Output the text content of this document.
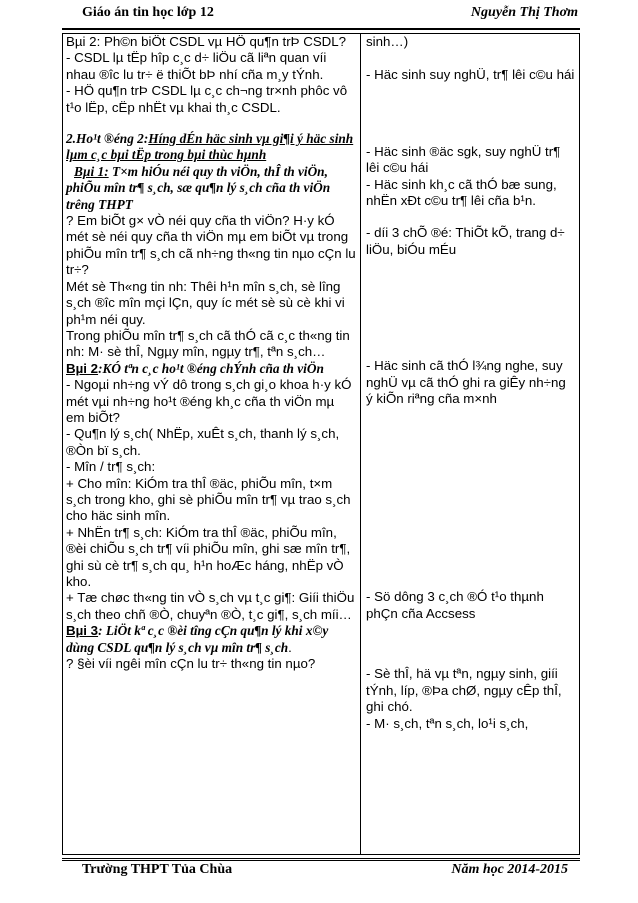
Giáo án tin học lớp 12	Nguyễn Thị Thơm

Bµi 2: Ph©n biÖt CSDL vµ HÖ qu¶n trÞ CSDL?

- CSDL lµ tËp hîp c¸c d÷ liÖu cã liªn quan víi nhau ®îc lu tr÷ ë thiÕt bÞ nhí cña m¸y tÝnh.

- HÖ qu¶n trÞ CSDL lµ c¸c ch¬ng tr×nh phôc vô t¹o lËp, cËp nhËt vµ khai th¸c CSDL.

2.Ho¹t ®éng 2:Híng dÉn häc sinh vµ gi¶i ý häc sinh lµm c¸c bµi tËp trong bµi thùc hµnh

Bµi 1: T×m hiÓu néi quy th viÖn, thÎ th viÖn, phiÕu mîn tr¶ s¸ch, sæ qu¶n lý s¸ch cña th viÖn trêng THPT

? Em biÕt g× vÒ néi quy cña th viÖn? H·y kÓ mét sè néi quy cña th viÖn mµ em biÕt vµ trong phiÕu mîn tr¶ s¸ch cã nh÷ng th«ng tin nµo cÇn lu tr÷?

Mét sè Th«ng tin nh: Thêi h¹n mîn s¸ch, sè lîng s¸ch ®îc mîn mçi lÇn, quy íc mét sè sù cè khi vi ph¹m néi quy.

Trong phiÕu mîn tr¶ s¸ch cã thÓ cã c¸c th«ng tin nh: M· sè thÎ, Ngµy mîn, ngµy tr¶, tªn s¸ch…

Bµi 2:KÓ tªn c¸c ho¹t ®éng chÝnh cña th viÖn

- Ngoµi nh÷ng vÝ dô trong s¸ch gi¸o khoa h·y kÓ mét vµi nh÷ng ho¹t ®éng kh¸c cña th viÖn mµ em biÕt?

- Qu¶n lý s¸ch( NhËp, xuÊt s¸ch, thanh lý s¸ch, ®Òn bï s¸ch.

- Mîn / tr¶ s¸ch:

+ Cho mîn: KiÓm tra thÎ ®äc, phiÕu mîn, t×m s¸ch trong kho, ghi sè phiÕu mîn tr¶ vµ trao s¸ch cho häc sinh mîn.

+ NhËn tr¶ s¸ch: KiÓm tra thÎ ®äc, phiÕu mîn, ®èi chiÕu s¸ch tr¶ víi phiÕu mîn, ghi sæ mîn tr¶, ghi sù cè tr¶ s¸ch qu¸ h¹n hoÆc háng, nhËp vÒ kho.

+ Tæ chøc th«ng tin vÒ s¸ch vµ t¸c gi¶: Giíi thiÖu s¸ch theo chñ ®Ò, chuyªn ®Ò, t¸c gi¶, s¸ch míi…

Bµi 3: LiÖt kª c¸c ®èi tîng cÇn qu¶n lý khi x©y dùng CSDL qu¶n lý s¸ch vµ mîn tr¶ s¸ch.

? §èi víi ngêi mîn cÇn lu tr÷ th«ng tin nµo?

sinh…)

- Häc sinh suy nghÜ, tr¶ lêi c©u hái

- Häc sinh ®äc sgk, suy nghÜ tr¶ lêi c©u hái

- Häc sinh kh¸c cã thÓ bæ sung, nhËn xÐt c©u tr¶ lêi cña b¹n.

- díi 3 chÕ ®é: ThiÕt kÕ, trang d÷ liÖu, biÓu mÉu

- Häc sinh cã thÓ l¾ng nghe, suy nghÜ vµ cã thÓ ghi ra giÊy nh÷ng ý kiÕn riªng cña m×nh

- Sö dông 3 c¸ch ®Ó t¹o thµnh phÇn cña Accsess

- Sè thÎ, hä vµ tªn, ngµy sinh, giíi tÝnh, líp, ®Þa chØ, ngµy cÊp thÎ, ghi chó.

- M· s¸ch, tªn s¸ch, lo¹i s¸ch,

Trường THPT Tủa Chùa	Năm học 2014-2015
